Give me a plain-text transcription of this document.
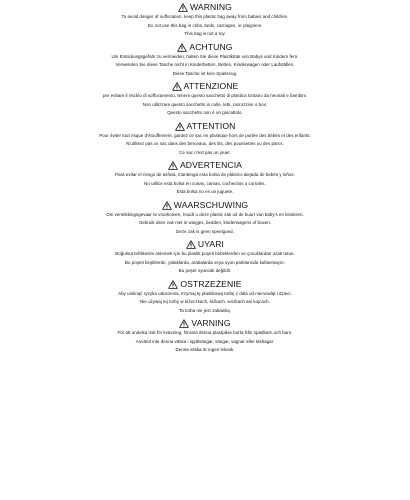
WARNING
To avoid danger of suffocation, keep this plastic bag away from babies and children.
Do not use this bag in cribs, beds, carriages, or playpens.
This bag is not a toy.
ACHTUNG
Um Erstickungsgefahr zu vermeiden, halten Sie diese Plastiktüte von Babys und Kindern fern.
Verwenden Sie diese Tasche nicht in Kinderbetten, Betten, Kinderwagen oder Laufställen.
Diese Tasche ist kein Spielzeug.
ATTENZIONE
per evitare il rischio di soffocamento, tenere questo sacchetto di plastica lontano da neonati e bambini.
Non utilizzare questo sacchetto in culle, letti, carrozzine o box.
Questo sacchetto non è un giocattolo.
ATTENTION
Pour éviter tout risque d'étouffement, gardez ce sac en plastique hors de portée des bébés et des enfants.
N'utilisez pas ce sac dans des berceaux, des lits, des poussettes ou des parcs.
Ce sac n'est pas un jouet.
ADVERTENCIA
Para evitar el riesgo de asfixia, mantenga esta bolsa de plástico alejada de bebés y niños.
No utilice esta bolsa en cunas, camas, cochecitos o corrales.
Esta bolsa no es un juguete.
WAARSCHUWING
Om verstikkingsgevaar te voorkomen, houdt u deze plastic zak uit de buurt van baby's en kinderen.
Gebruik deze zak niet in wiegjes, bedden, kinderwagens of boxen.
Deze zak is geen speelgoed.
UYARI
Boğulma tehlikesini önlemek için bu plastik poşeti bebeklerden ve çocuklardan uzak tutun.
Bu poşeti beşiklerde, yataklarda, arabalarda veya oyun parklarında kullanmayın.
Bu poşet oyuncak değildir.
OSTRZEŻENIE
Aby uniknąć ryzyka uduszenia, trzymaj tę plastikową torbę z dala od niemowląt i dzieci.
Nie używaj tej torby w łóżeczkach, łóżkach, wózkach ani kojcach.
Ta torba nie jest zabawką.
VARNING
För att undvika risk för kvävning, förvara denna plastpåse borta från spädbarn och barn.
Använd inte denna väska i spjälsängar, sängar, vagnar eller lekhagar.
Denna väska är ingen leksak.
